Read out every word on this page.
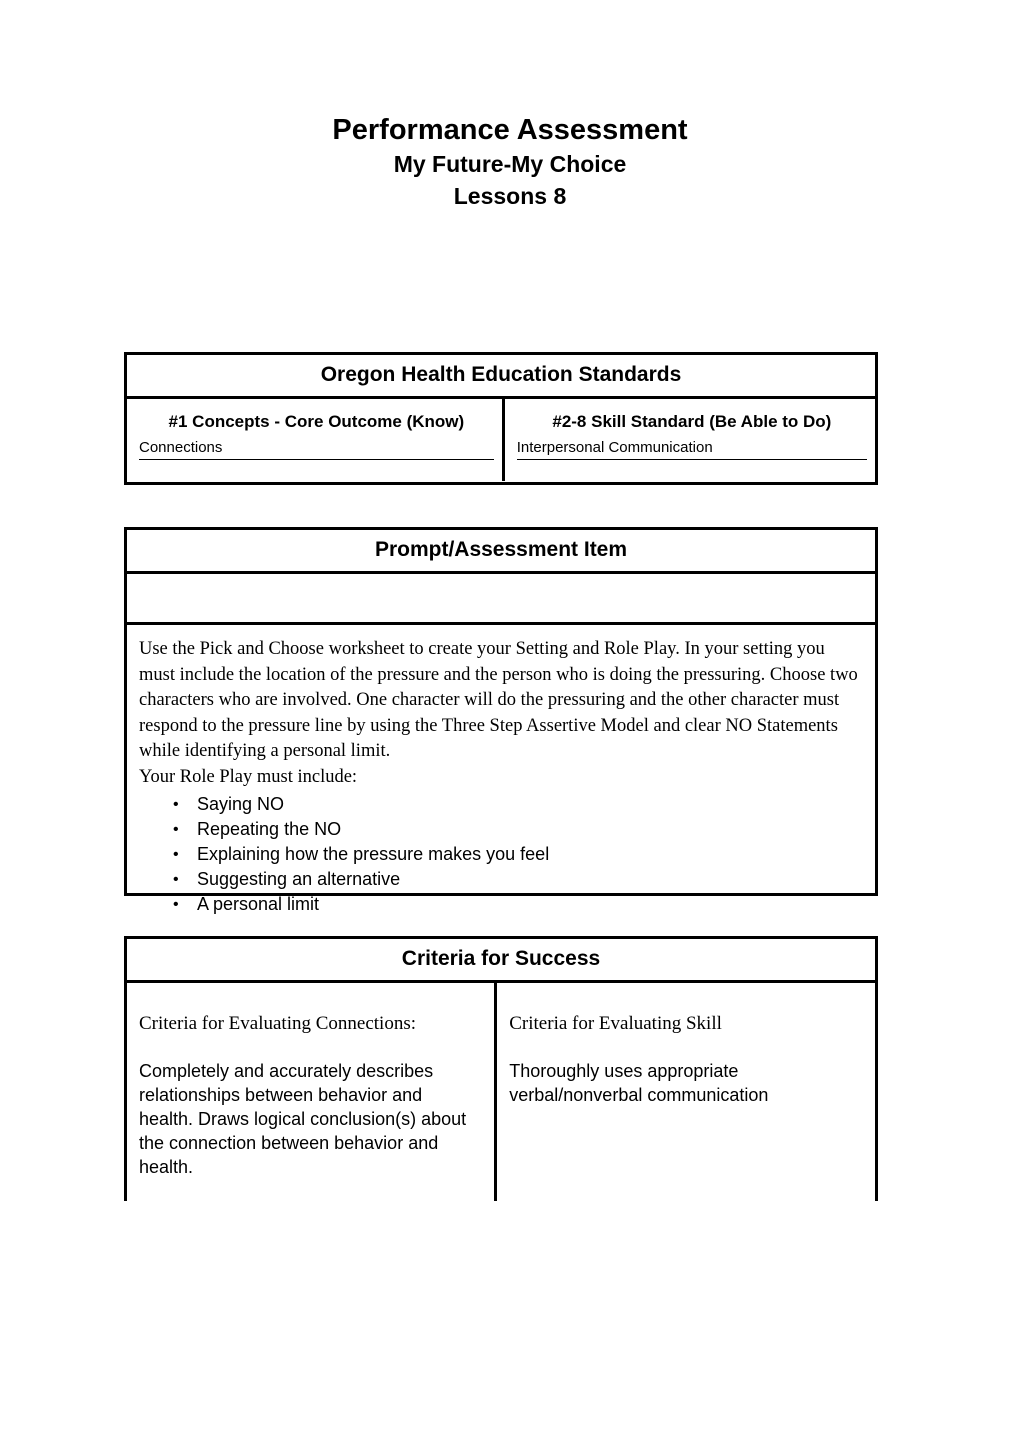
Performance Assessment
My Future-My Choice
Lessons 8
Oregon Health Education Standards
#1 Concepts - Core Outcome (Know)
Connections
#2-8 Skill Standard (Be Able to Do)
Interpersonal Communication
Prompt/Assessment Item

Use the Pick and Choose worksheet to create your Setting and Role Play. In your setting you must include the location of the pressure and the person who is doing the pressuring. Choose two characters who are involved. One character will do the pressuring and the other character must respond to the pressure line by using the Three Step Assertive Model and clear NO Statements while identifying a personal limit.

Your Role Play must include:
• Saying NO
• Repeating the NO
• Explaining how the pressure makes you feel
• Suggesting an alternative
• A personal limit
Criteria for Success
Criteria for Evaluating Connections:
Completely and accurately describes relationships between behavior and health. Draws logical conclusion(s) about the connection between behavior and health.
Criteria for Evaluating Skill
Thoroughly uses appropriate verbal/nonverbal communication
